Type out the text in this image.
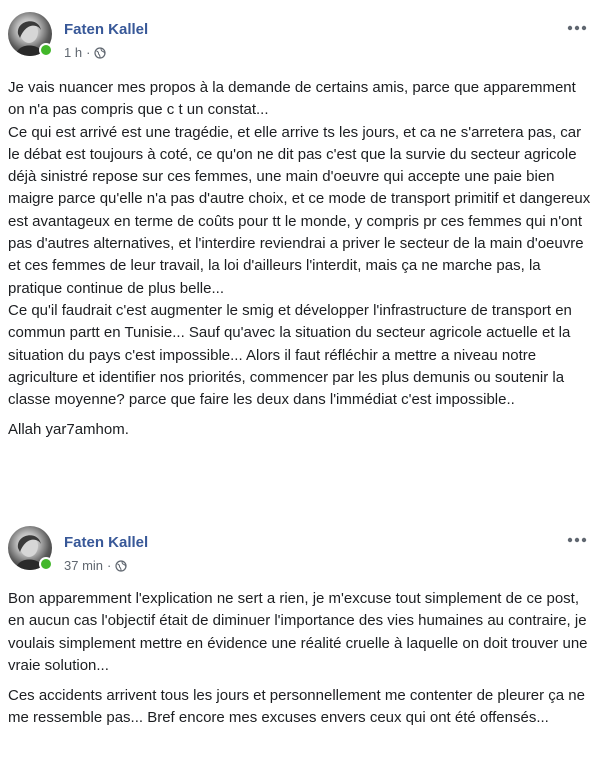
Faten Kallel
1 h ·

Je vais nuancer mes propos à la demande de certains amis, parce que apparemment on n'a pas compris que c t un constat...

Ce qui est arrivé est une tragédie, et elle arrive ts les jours, et ca ne s'arretera pas, car le débat est toujours à coté, ce qu'on ne dit pas c'est que la survie du secteur agricole déjà sinistré repose sur ces femmes, une main d'oeuvre qui accepte une paie bien maigre parce qu'elle n'a pas d'autre choix, et ce mode de transport primitif et dangereux est avantageux en terme de coûts pour tt le monde, y compris pr ces femmes qui n'ont pas d'autres alternatives, et l'interdire reviendrai a priver le secteur de la main d'oeuvre et ces femmes de leur travail, la loi d'ailleurs l'interdit, mais ça ne marche pas, la pratique continue de plus belle...

Ce qu'il faudrait c'est augmenter le smig et développer l'infrastructure de transport en commun partt en Tunisie... Sauf qu'avec la situation du secteur agricole actuelle et la situation du pays c'est impossible... Alors il faut réfléchir a mettre a niveau notre agriculture et identifier nos priorités, commencer par les plus demunis ou soutenir la classe moyenne? parce que faire les deux dans l'immédiat c'est impossible..

Allah yar7amhom.

Faten Kallel
37 min ·

Bon apparemment l'explication ne sert a rien, je m'excuse tout simplement de ce post, en aucun cas l'objectif était de diminuer l'importance des vies humaines au contraire, je voulais simplement mettre en évidence une réalité cruelle à laquelle on doit trouver une vraie solution...

Ces accidents arrivent tous les jours et personnellement me contenter de pleurer ça ne me ressemble pas... Bref encore mes excuses envers ceux qui ont été offensés...
